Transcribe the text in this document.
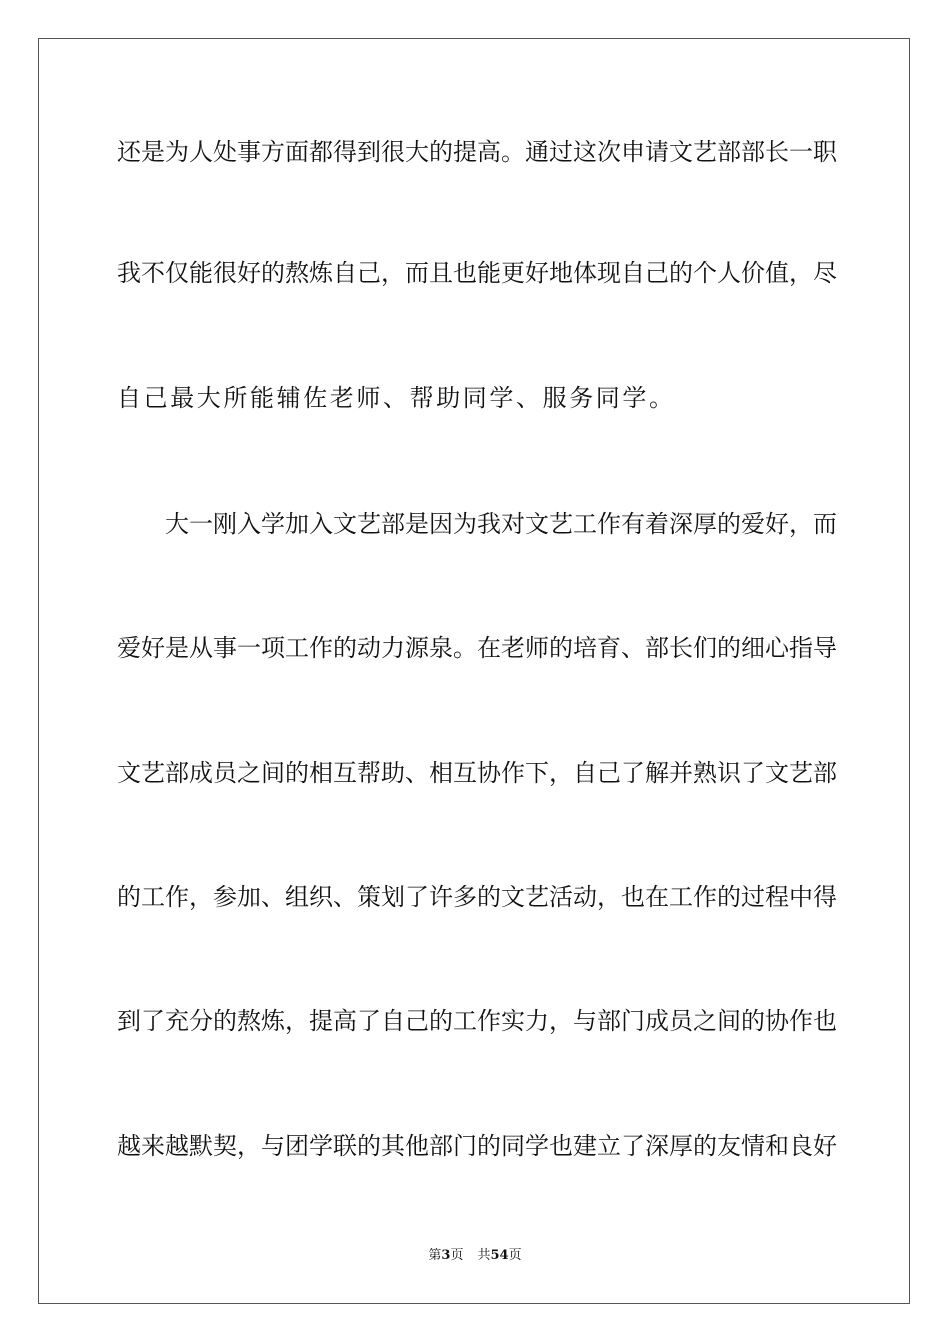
还是为人处事方面都得到很大的提高。通过这次申请文艺部部长一职
我不仅能很好的熬炼自己，而且也能更好地体现自己的个人价值，尽
自己最大所能辅佐老师、帮助同学、服务同学。
大一刚入学加入文艺部是因为我对文艺工作有着深厚的爱好，而
爱好是从事一项工作的动力源泉。在老师的培育、部长们的细心指导
文艺部成员之间的相互帮助、相互协作下，自己了解并熟识了文艺部
的工作，参加、组织、策划了许多的文艺活动，也在工作的过程中得
到了充分的熬炼，提高了自己的工作实力，与部门成员之间的协作也
越来越默契，与团学联的其他部门的同学也建立了深厚的友情和良好
第3页 共54页
